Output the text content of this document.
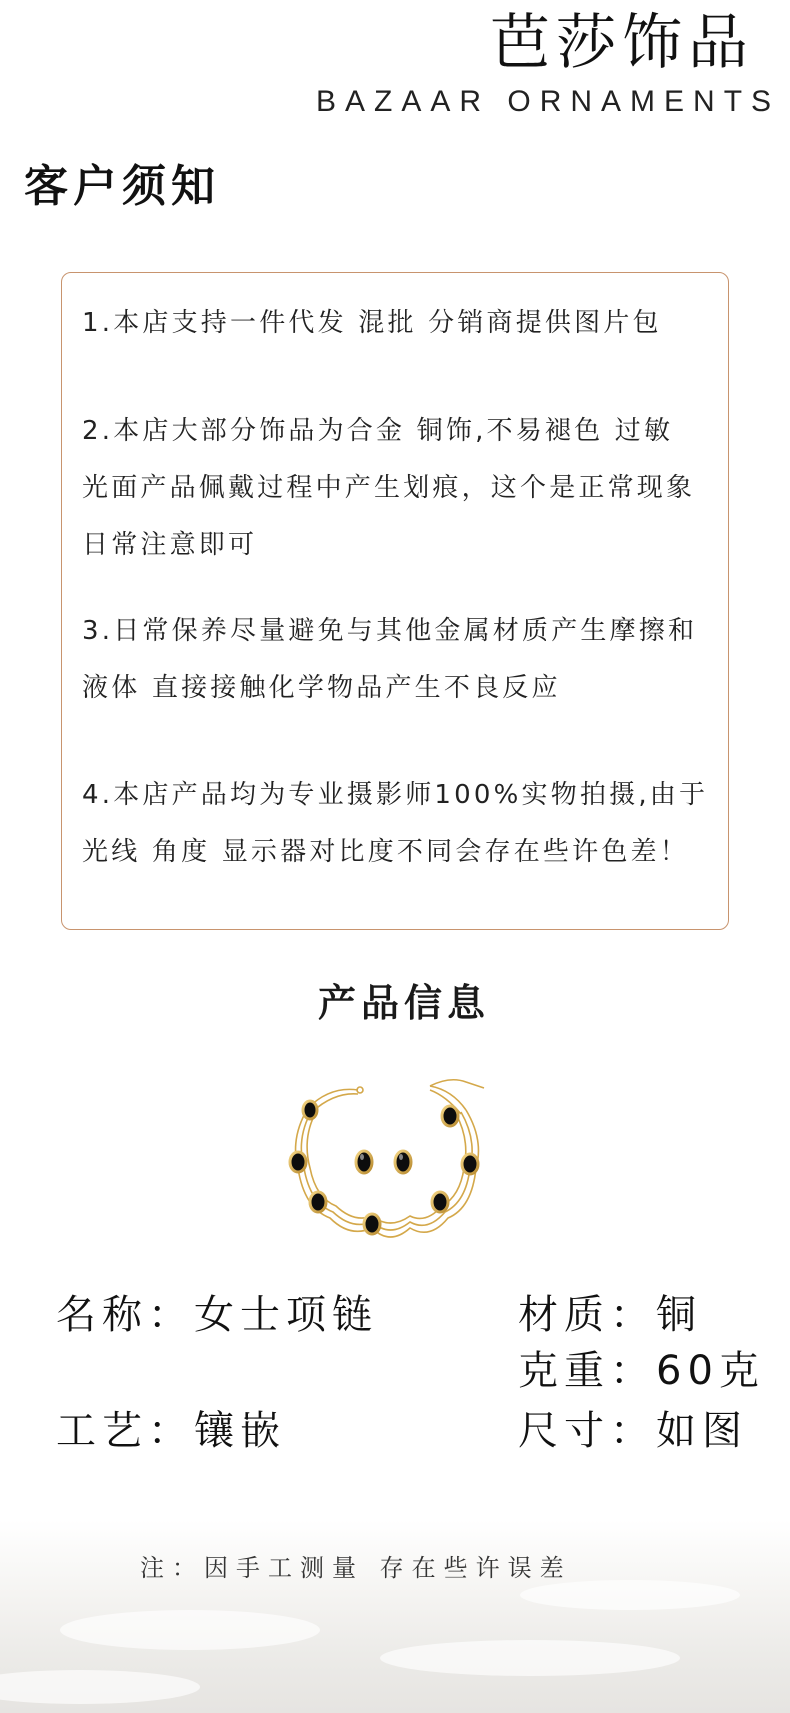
芭莎饰品
BAZAAR ORNAMENTS
客户须知
1.本店支持一件代发 混批 分销商提供图片包
2.本店大部分饰品为合金 铜饰,不易褪色 过敏
光面产品佩戴过程中产生划痕，这个是正常现象
日常注意即可
3.日常保养尽量避免与其他金属材质产生摩擦和
液体 直接接触化学物品产生不良反应
4.本店产品均为专业摄影师100%实物拍摄,由于
光线 角度 显示器对比度不同会存在些许色差！
产品信息
名称：女士项链
工艺：镶嵌
材质：铜
克重：60克
尺寸：如图
注：因手工测量 存在些许误差
